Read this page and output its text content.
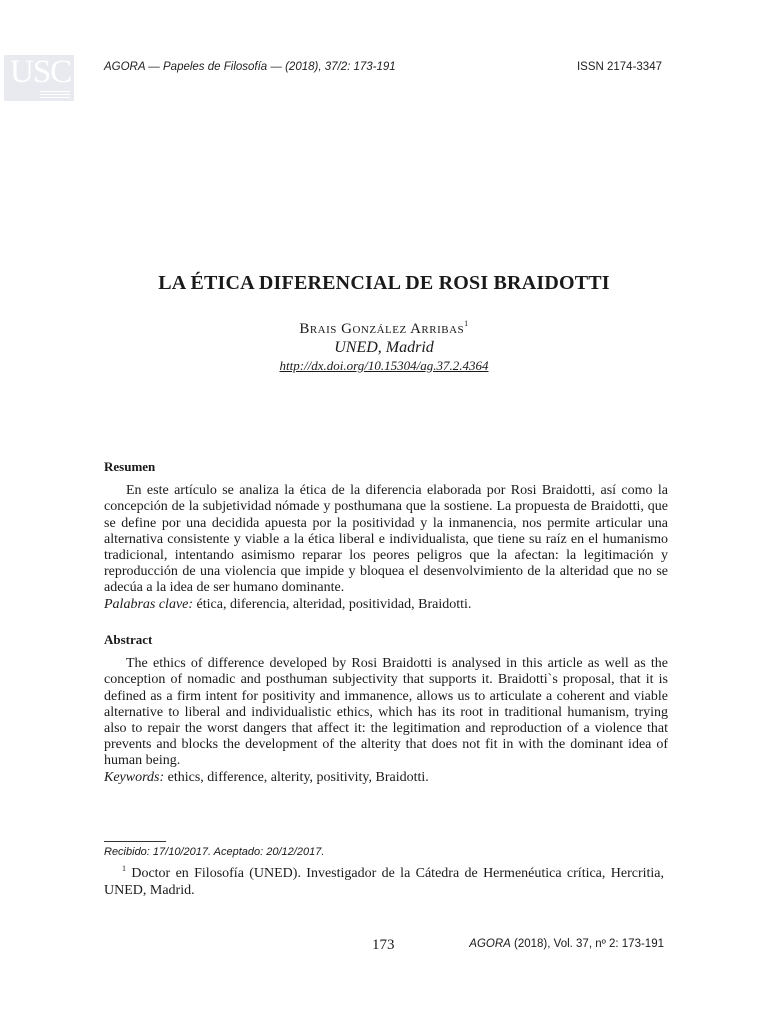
USC	AGORA — Papeles de Filosofía — (2018), 37/2: 173-191	ISSN 2174-3347
LA ÉTICA DIFERENCIAL DE ROSI BRAIDOTTI
Brais González Arribas$^1$
UNED, Madrid
http://dx.doi.org/10.15304/ag.37.2.4364
Resumen

En este artículo se analiza la ética de la diferencia elaborada por Rosi Braidotti, así como la concepción de la subjetividad nómade y posthumana que la sostiene. La propuesta de Braidotti, que se define por una decidida apuesta por la positividad y la inmanencia, nos permite articular una alternativa consistente y viable a la ética liberal e individualista, que tiene su raíz en el humanismo tradicional, intentando asimismo reparar los peores peligros que la afectan: la legitimación y reproducción de una violencia que impide y bloquea el desenvolvimiento de la alteridad que no se adecúa a la idea de ser humano dominante.

Palabras clave: ética, diferencia, alteridad, positividad, Braidotti.

Abstract

The ethics of difference developed by Rosi Braidotti is analysed in this article as well as the conception of nomadic and posthuman subjectivity that supports it. Braidotti`s proposal, that it is defined as a firm intent for positivity and immanence, allows us to articulate a coherent and viable alternative to liberal and individualistic ethics, which has its root in traditional humanism, trying also to repair the worst dangers that affect it: the legitimation and reproduction of a violence that prevents and blocks the development of the alterity that does not fit in with the dominant idea of human being.

Keywords: ethics, difference, alterity, positivity, Braidotti.

Recibido: 17/10/2017. Aceptado: 20/12/2017.
$^1$ Doctor en Filosofía (UNED). Investigador de la Cátedra de Hermenéutica crítica, Hercritia, UNED, Madrid.
173	AGORA (2018), Vol. 37, nº 2: 173-191
